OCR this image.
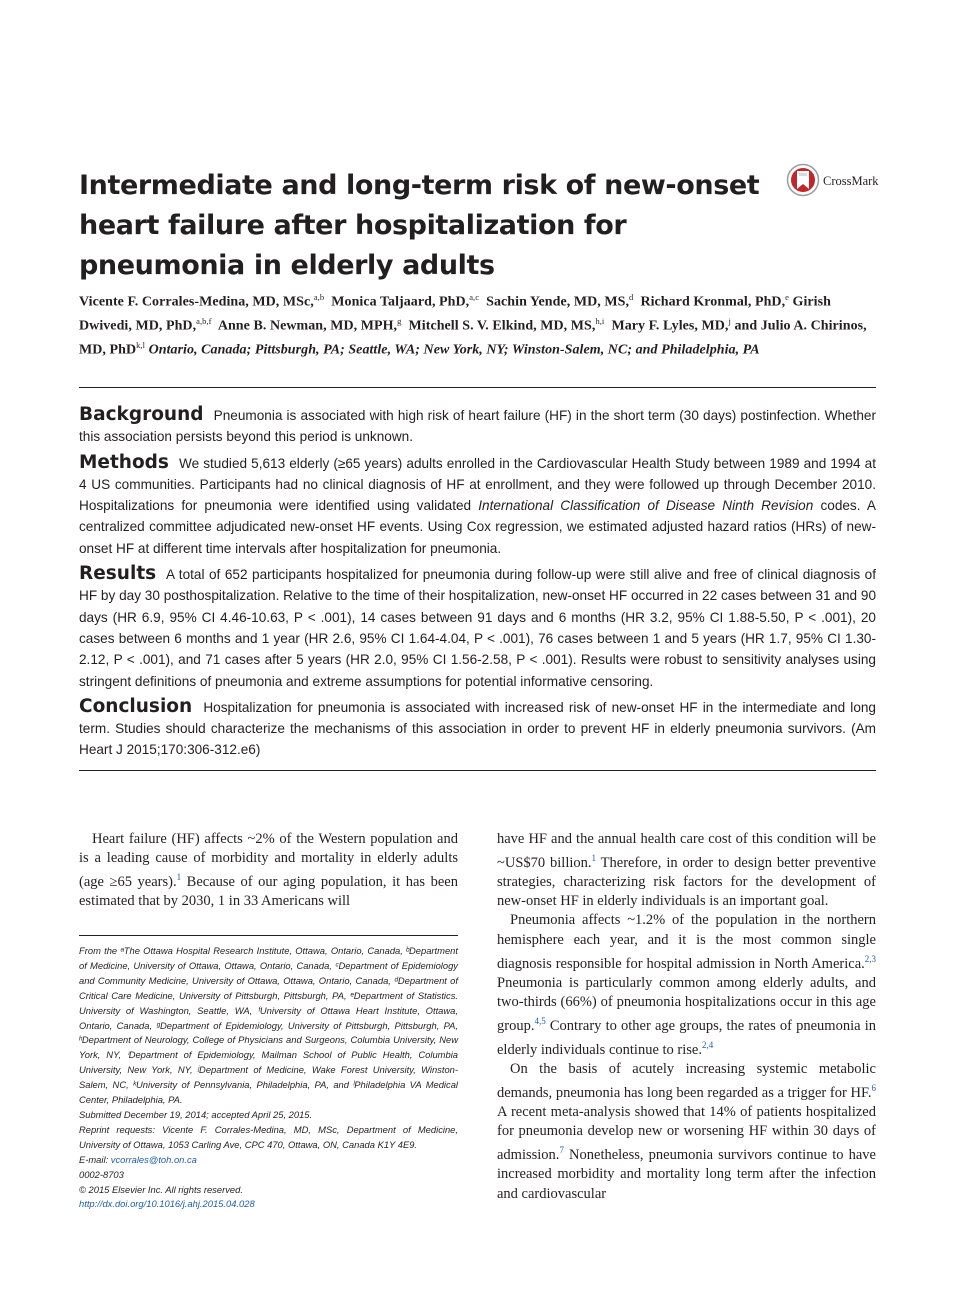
Intermediate and long-term risk of new-onset heart failure after hospitalization for pneumonia in elderly adults
CrossMark
Vicente F. Corrales-Medina, MD, MSc,$^{a,b}$ Monica Taljaard, PhD,$^{a,c}$ Sachin Yende, MD, MS,$^d$ Richard Kronmal, PhD,$^e$ Girish Dwivedi, MD, PhD,$^{a,b,f}$ Anne B. Newman, MD, MPH,$^g$ Mitchell S. V. Elkind, MD, MS,$^{h,i}$ Mary F. Lyles, MD,$^j$ and Julio A. Chirinos, MD, PhD$^{k,l}$ Ontario, Canada; Pittsburgh, PA; Seattle, WA; New York, NY; Winston-Salem, NC; and Philadelphia, PA

Background Pneumonia is associated with high risk of heart failure (HF) in the short term (30 days) postinfection. Whether this association persists beyond this period is unknown.

Methods We studied 5,613 elderly (≥65 years) adults enrolled in the Cardiovascular Health Study between 1989 and 1994 at 4 US communities. Participants had no clinical diagnosis of HF at enrollment, and they were followed up through December 2010. Hospitalizations for pneumonia were identified using validated International Classification of Disease Ninth Revision codes. A centralized committee adjudicated new-onset HF events. Using Cox regression, we estimated adjusted hazard ratios (HRs) of new-onset HF at different time intervals after hospitalization for pneumonia.

Results A total of 652 participants hospitalized for pneumonia during follow-up were still alive and free of clinical diagnosis of HF by day 30 posthospitalization. Relative to the time of their hospitalization, new-onset HF occurred in 22 cases between 31 and 90 days (HR 6.9, 95% CI 4.46-10.63, P < .001), 14 cases between 91 days and 6 months (HR 3.2, 95% CI 1.88-5.50, P < .001), 20 cases between 6 months and 1 year (HR 2.6, 95% CI 1.64-4.04, P < .001), 76 cases between 1 and 5 years (HR 1.7, 95% CI 1.30-2.12, P < .001), and 71 cases after 5 years (HR 2.0, 95% CI 1.56-2.58, P < .001). Results were robust to sensitivity analyses using stringent definitions of pneumonia and extreme assumptions for potential informative censoring.

Conclusion Hospitalization for pneumonia is associated with increased risk of new-onset HF in the intermediate and long term. Studies should characterize the mechanisms of this association in order to prevent HF in elderly pneumonia survivors. (Am Heart J 2015;170:306-312.e6)

Heart failure (HF) affects ~2% of the Western population and is a leading cause of morbidity and mortality in elderly adults (age ≥65 years).$^1$ Because of our aging population, it has been estimated that by 2030, 1 in 33 Americans will

From the ᵃThe Ottawa Hospital Research Institute, Ottawa, Ontario, Canada, ᵇDepartment of Medicine, University of Ottawa, Ottawa, Ontario, Canada, ᶜDepartment of Epidemiology and Community Medicine, University of Ottawa, Ottawa, Ontario, Canada, ᵈDepartment of Critical Care Medicine, University of Pittsburgh, Pittsburgh, PA, ᵉDepartment of Statistics. University of Washington, Seattle, WA, ᶠUniversity of Ottawa Heart Institute, Ottawa, Ontario, Canada, ᵍDepartment of Epidemiology, University of Pittsburgh, Pittsburgh, PA, ʰDepartment of Neurology, College of Physicians and Surgeons, Columbia University, New York, NY, ⁱDepartment of Epidemiology, Mailman School of Public Health, Columbia University, New York, NY, ʲDepartment of Medicine, Wake Forest University, Winston-Salem, NC, ᵏUniversity of Pennsylvania, Philadelphia, PA, and ˡPhiladelphia VA Medical Center, Philadelphia, PA.

Submitted December 19, 2014; accepted April 25, 2015.

Reprint requests: Vicente F. Corrales-Medina, MD, MSc, Department of Medicine, University of Ottawa, 1053 Carling Ave, CPC 470, Ottawa, ON, Canada K1Y 4E9.

E-mail: vcorrales@toh.on.ca

0002-8703

© 2015 Elsevier Inc. All rights reserved.

http://dx.doi.org/10.1016/j.ahj.2015.04.028

have HF and the annual health care cost of this condition will be ~US$70 billion.$^1$ Therefore, in order to design better preventive strategies, characterizing risk factors for the development of new-onset HF in elderly individuals is an important goal.

Pneumonia affects ~1.2% of the population in the northern hemisphere each year, and it is the most common single diagnosis responsible for hospital admission in North America.$^{2,3}$ Pneumonia is particularly common among elderly adults, and two-thirds (66%) of pneumonia hospitalizations occur in this age group.$^{4,5}$ Contrary to other age groups, the rates of pneumonia in elderly individuals continue to rise.$^{2,4}$

On the basis of acutely increasing systemic metabolic demands, pneumonia has long been regarded as a trigger for HF.$^6$ A recent meta-analysis showed that 14% of patients hospitalized for pneumonia develop new or worsening HF within 30 days of admission.$^7$ Nonetheless, pneumonia survivors continue to have increased morbidity and mortality long term after the infection and cardiovascular
